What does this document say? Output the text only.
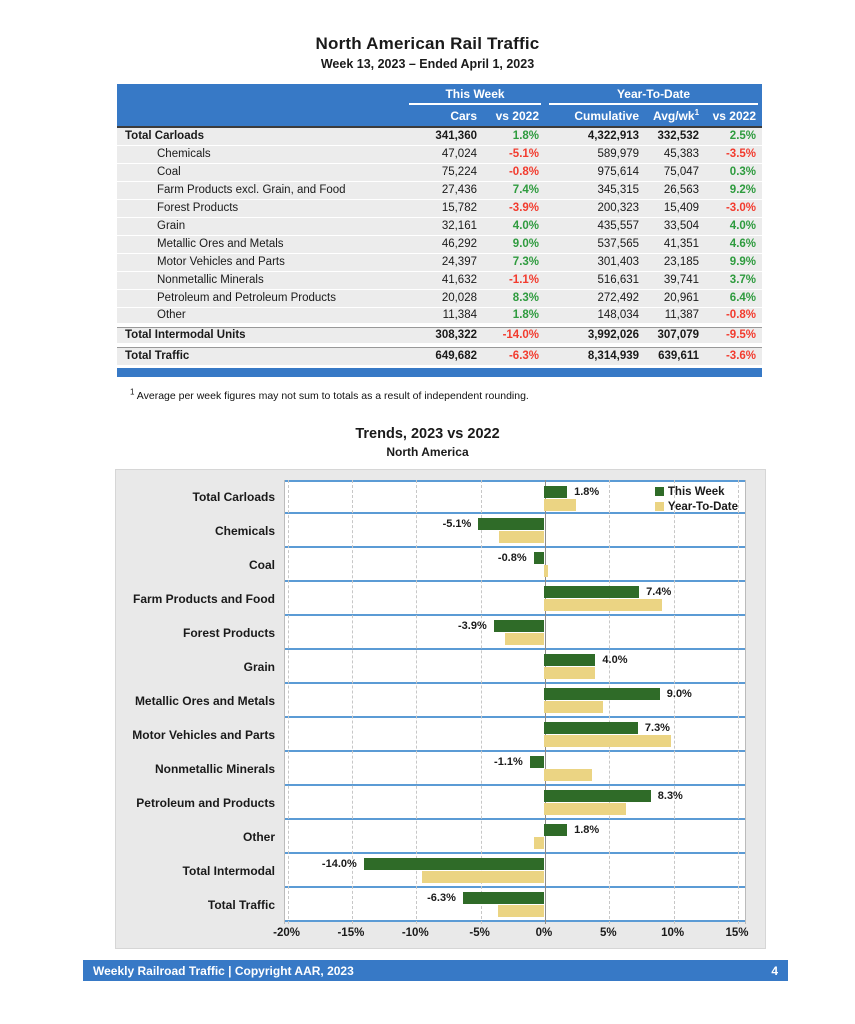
North American Rail Traffic
Week 13, 2023 – Ended April 1, 2023

	This Week		Year-To-Date		

	Cars	vs 2022	Cumulative	Avg/$wk^1$	vs 2022
Total Carloads	341,360	1.8%	4,322,913	332,532	2.5%
Chemicals	47,024	-5.1%	589,979	45,383	-3.5%
Coal	75,224	-0.8%	975,614	75,047	0.3%
Farm Products excl. Grain, and Food	27,436	7.4%	345,315	26,563	9.2%
Forest Products	15,782	-3.9%	200,323	15,409	-3.0%
Grain	32,161	4.0%	435,557	33,504	4.0%
Metallic Ores and Metals	46,292	9.0%	537,565	41,351	4.6%
Motor Vehicles and Parts	24,397	7.3%	301,403	23,185	9.9%
Nonmetallic Minerals	41,632	-1.1%	516,631	39,741	3.7%
Petroleum and Petroleum Products	20,028	8.3%	272,492	20,961	6.4%
Other	11,384	1.8%	148,034	11,387	-0.8%
Total Intermodal Units	308,322	-14.0%	3,992,026	307,079	-9.5%
Total Traffic	649,682	-6.3%	8,314,939	639,611	-3.6%
$^1$ Average per week figures may not sum to totals as a result of independent rounding.
Trends, 2023 vs 2022
North America
Total Carloads	1.8%	This Week
Year-To-Date
Chemicals	-5.1%
Coal	-0.8%
Farm Products and Food	7.4%
Forest Products	-3.9%
Grain	4.0%
Metallic Ores and Metals	9.0%
Motor Vehicles and Parts	7.3%
Nonmetallic Minerals	-1.1%
Petroleum and Products	8.3%
Other	1.8%
Total Intermodal	-14.0%
Total Traffic	-6.3%
-20%	-15%	-10%	-5%	0%	5%	10%	15%
Weekly Railroad Traffic | Copyright AAR, 2023	4
